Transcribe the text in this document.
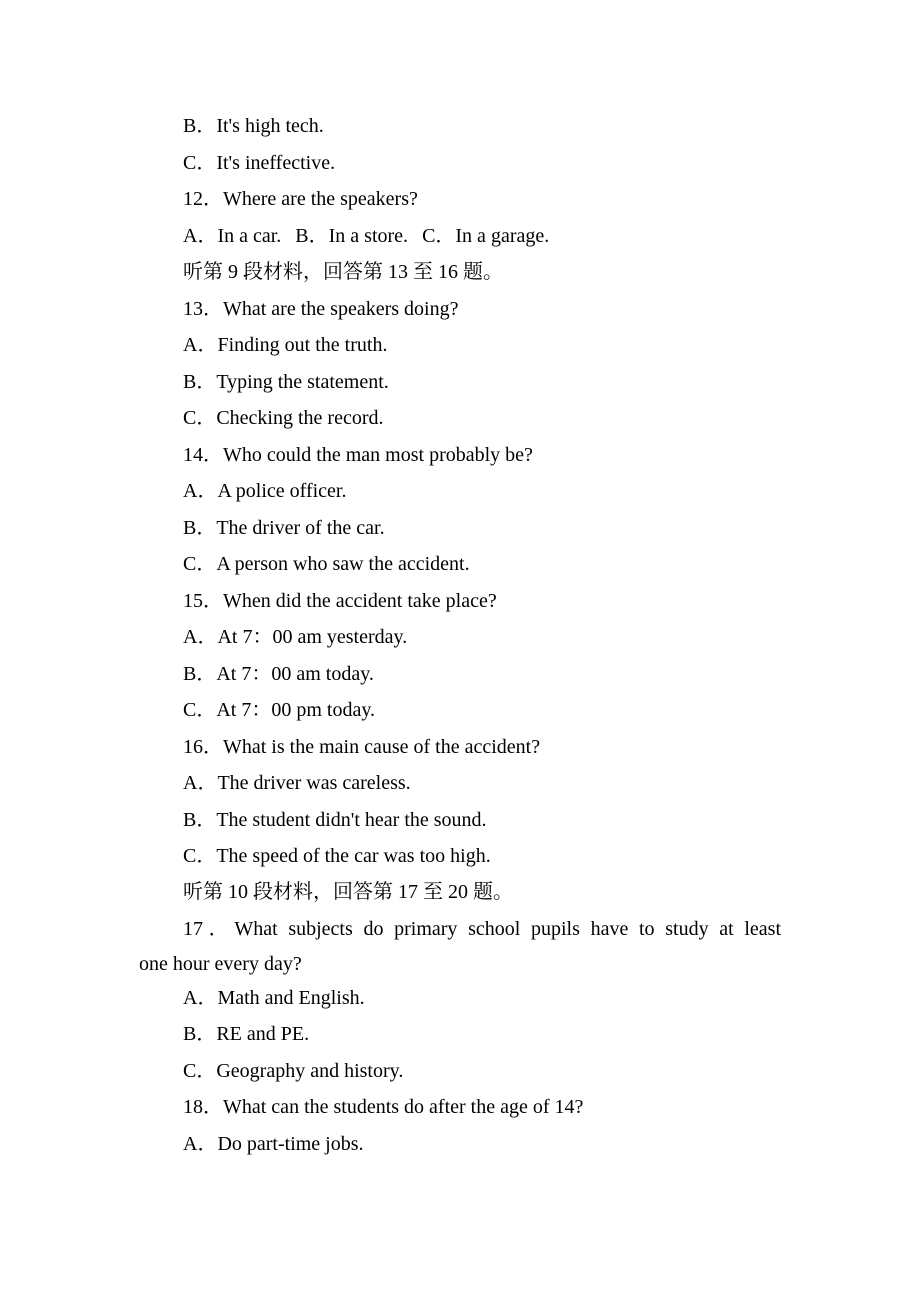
B．It's high tech.
C．It's ineffective.
12．Where are the speakers?
A．In a car. B．In a store. C．In a garage.
听第 9 段材料，回答第 13 至 16 题。
13．What are the speakers doing?
A．Finding out the truth.
B．Typing the statement.
C．Checking the record.
14．Who could the man most probably be?
A．A police officer.
B．The driver of the car.
C．A person who saw the accident.
15．When did the accident take place?
A．At 7：00 am yesterday.
B．At 7：00 am today.
C．At 7：00 pm today.
16．What is the main cause of the accident?
A．The driver was careless.
B．The student didn't hear the sound.
C．The speed of the car was too high.
听第 10 段材料，回答第 17 至 20 题。
17．What subjects do primary school pupils have to study at least
one hour every day?
A．Math and English.
B．RE and PE.
C．Geography and history.
18．What can the students do after the age of 14?
A．Do part-time jobs.
